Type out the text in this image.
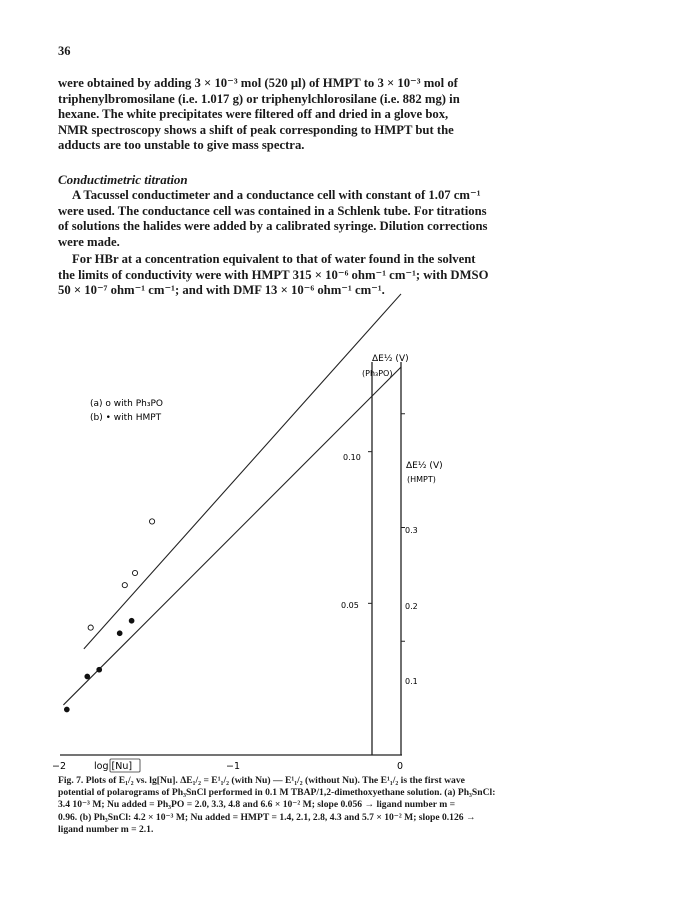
36
were obtained by adding 3 × 10⁻³ mol (520 μl) of HMPT to 3 × 10⁻³ mol of
triphenylbromosilane (i.e. 1.017 g) or triphenylchlorosilane (i.e. 882 mg) in
hexane. The white precipitates were filtered off and dried in a glove box,
NMR spectroscopy shows a shift of peak corresponding to HMPT but the
adducts are too unstable to give mass spectra.
Conductimetric titration
A Tacussel conductimeter and a conductance cell with constant of 1.07 cm⁻¹
were used. The conductance cell was contained in a Schlenk tube. For titrations
of solutions the halides were added by a calibrated syringe. Dilution corrections
were made.
For HBr at a concentration equivalent to that of water found in the solvent
the limits of conductivity were with HMPT 315 × 10⁻⁶ ohm⁻¹ cm⁻¹; with DMSO
50 × 10⁻⁷ ohm⁻¹ cm⁻¹; and with DMF 13 × 10⁻⁶ ohm⁻¹ cm⁻¹.
(a) o with Ph₃PO
(b) • with HMPT
ΔE½ (V)
(Ph₃PO)
ΔE½ (V)
(HMPT)
−2	log [Nu]	−1	0
0.10
0.05
0.3
0.2
0.1
Fig. 7. Plots of E₁/₂ vs. lg[Nu]. ΔE₁/₂ = E¹₁/₂ (with Nu) — E¹₁/₂ (without Nu). The E¹₁/₂ is the first wave
potential of polarograms of Ph₃SnCl performed in 0.1 M TBAP/1,2-dimethoxyethane solution. (a) Ph₃SnCl:
3.4 10⁻³ M; Nu added = Ph₃PO = 2.0, 3.3, 4.8 and 6.6 × 10⁻² M; slope 0.056 → ligand number m =
0.96. (b) Ph₃SnCl: 4.2 × 10⁻³ M; Nu added = HMPT = 1.4, 2.1, 2.8, 4.3 and 5.7 × 10⁻² M; slope 0.126 →
ligand number m = 2.1.
